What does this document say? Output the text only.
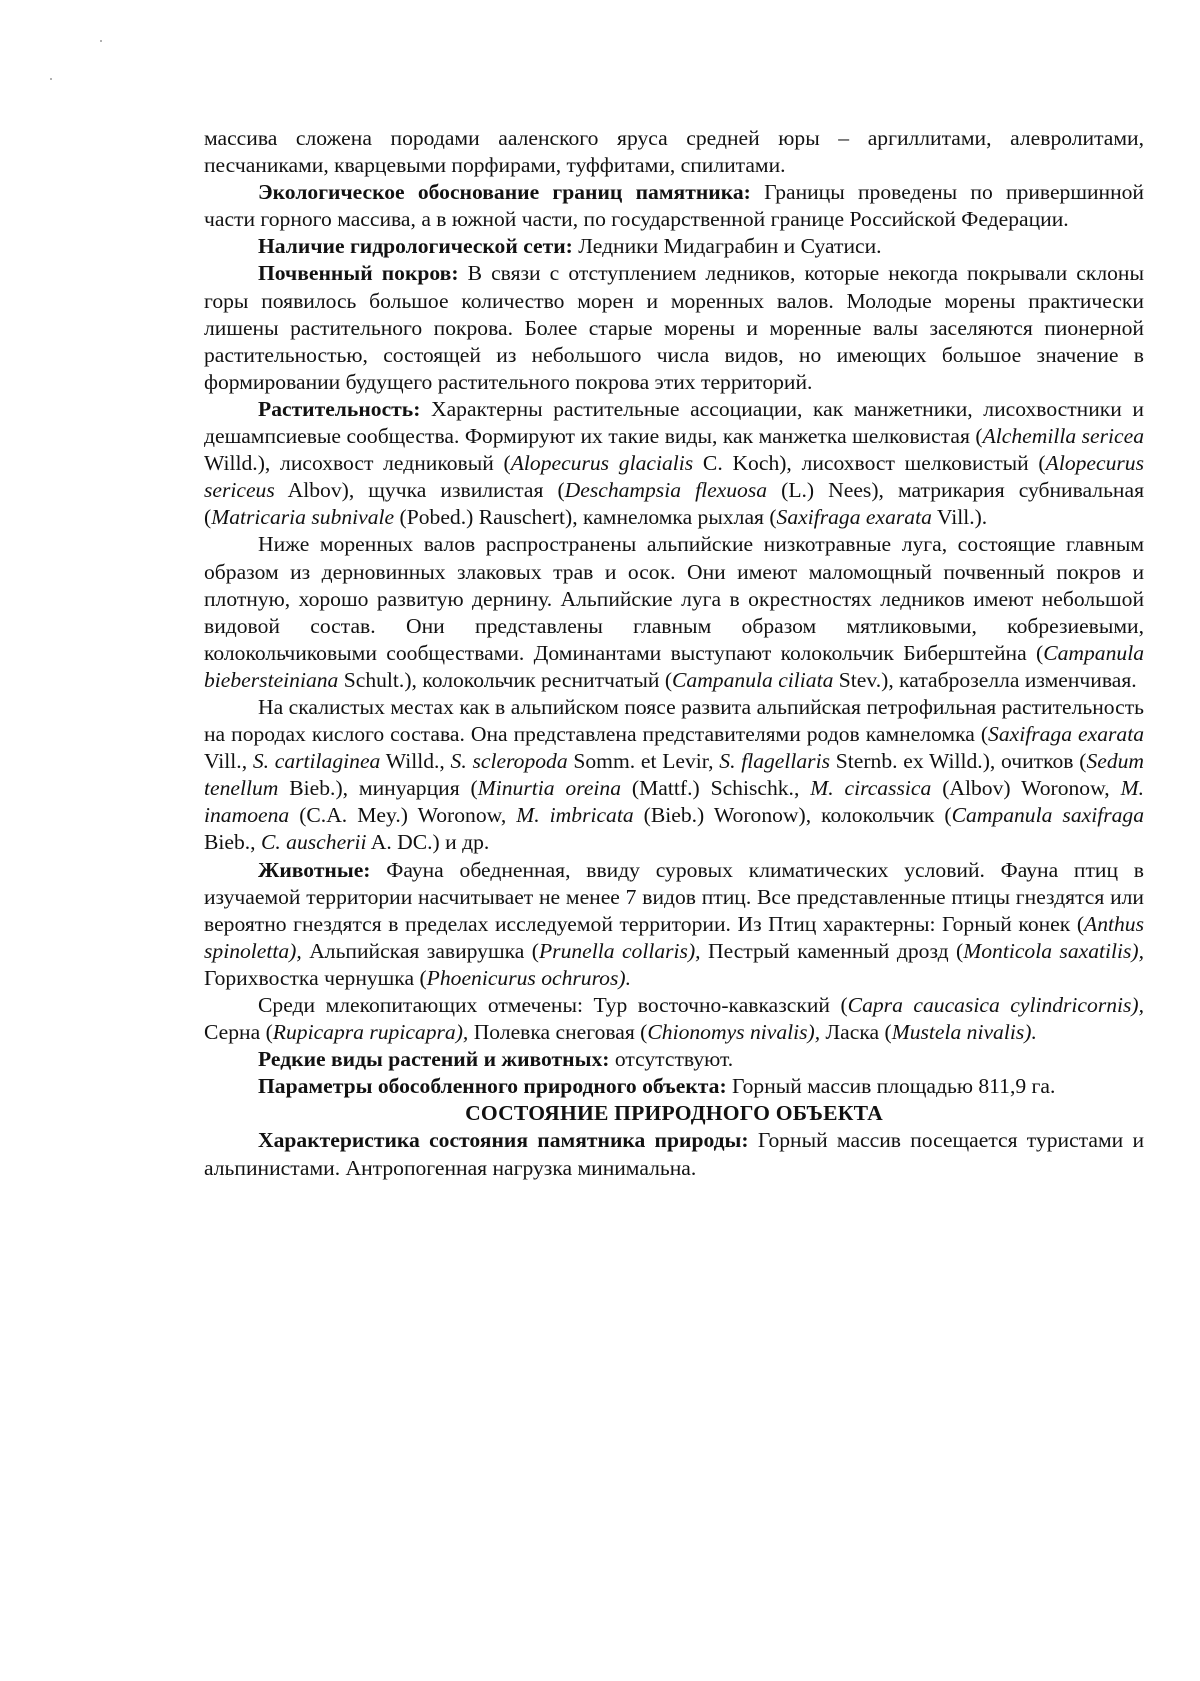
массива сложена породами ааленского яруса средней юры – аргиллитами, алевролитами, песчаниками, кварцевыми порфирами, туффитами, спилитами.

Экологическое обоснование границ памятника: Границы проведены по привершинной части горного массива, а в южной части, по государственной границе Российской Федерации.

Наличие гидрологической сети: Ледники Мидаграбин и Суатиси.

Почвенный покров: В связи с отступлением ледников, которые некогда покрывали склоны горы появилось большое количество морен и моренных валов. Молодые морены практически лишены растительного покрова. Более старые морены и моренные валы заселяются пионерной растительностью, состоящей из небольшого числа видов, но имеющих большое значение в формировании будущего растительного покрова этих территорий.

Растительность: Характерны растительные ассоциации, как манжетники, лисохвостники и дешампсиевые сообщества. Формируют их такие виды, как манжетка шелковистая (Alchemilla sericea Willd.), лисохвост ледниковый (Alopecurus glacialis C. Koch), лисохвост шелковистый (Alopecurus sericeus Albov), щучка извилистая (Deschampsia flexuosa (L.) Nees), матрикария субнивальная (Matricaria subnivale (Pobed.) Rauschert), камнеломка рыхлая (Saxifraga exarata Vill.).

Ниже моренных валов распространены альпийские низкотравные луга, состоящие главным образом из дерновинных злаковых трав и осок. Они имеют маломощный почвенный покров и плотную, хорошо развитую дернину. Альпийские луга в окрестностях ледников имеют небольшой видовой состав. Они представлены главным образом мятликовыми, кобрезиевыми, колокольчиковыми сообществами. Доминантами выступают колокольчик Биберштейна (Campanula biebersteiniana Schult.), колокольчик реснитчатый (Campanula ciliata Stev.), катаброзелла изменчивая.

На скалистых местах как в альпийском поясе развита альпийская петрофильная растительность на породах кислого состава. Она представлена представителями родов камнеломка (Saxifraga exarata Vill., S. cartilaginea Willd., S. scleropoda Somm. et Levir, S. flagellaris Sternb. ex Willd.), очитков (Sedum tenellum Bieb.), минуарция (Minurtia oreina (Mattf.) Schischk., M. circassica (Albov) Woronow, M. inamoena (C.A. Mey.) Woronow, M. imbricata (Bieb.) Woronow), колокольчик (Campanula saxifraga Bieb., C. auscherii A. DC.) и др.

Животные: Фауна обедненная, ввиду суровых климатических условий. Фауна птиц в изучаемой территории насчитывает не менее 7 видов птиц. Все представленные птицы гнездятся или вероятно гнездятся в пределах исследуемой территории. Из Птиц характерны: Горный конек (Anthus spinoletta), Альпийская завирушка (Prunella collaris), Пестрый каменный дрозд (Monticola saxatilis), Горихвостка чернушка (Phoenicurus ochruros).

Среди млекопитающих отмечены: Тур восточно-кавказский (Capra caucasica cylindricornis), Серна (Rupicapra rupicapra), Полевка снеговая (Chionomys nivalis), Ласка (Mustela nivalis).

Редкие виды растений и животных: отсутствуют.

Параметры обособленного природного объекта: Горный массив площадью 811,9 га.

СОСТОЯНИЕ ПРИРОДНОГО ОБЪЕКТА

Характеристика состояния памятника природы: Горный массив посещается туристами и альпинистами. Антропогенная нагрузка минимальна.
